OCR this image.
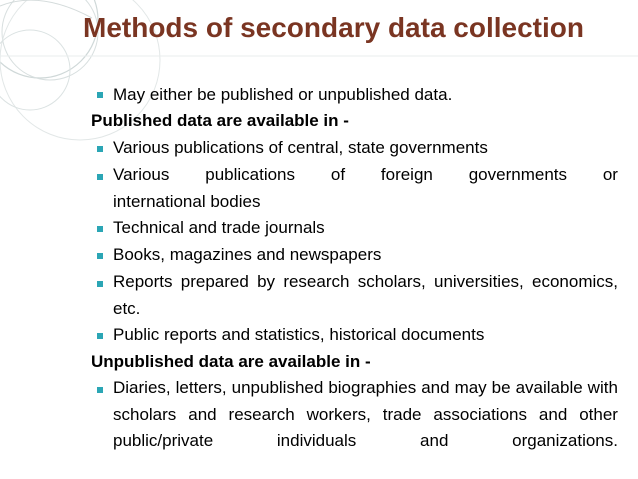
Methods of secondary data collection
May either be published or unpublished data.
Published data are available in -
Various publications of central, state governments
Various publications of foreign governments or
international bodies
Technical and trade journals
Books, magazines and newspapers
Reports prepared by research scholars, universities, economics,
etc.
Public reports and statistics, historical documents
Unpublished data are available in -
Diaries, letters, unpublished biographies and may be available with
scholars and research workers, trade associations and other
public/private	individuals	and	organizations.
